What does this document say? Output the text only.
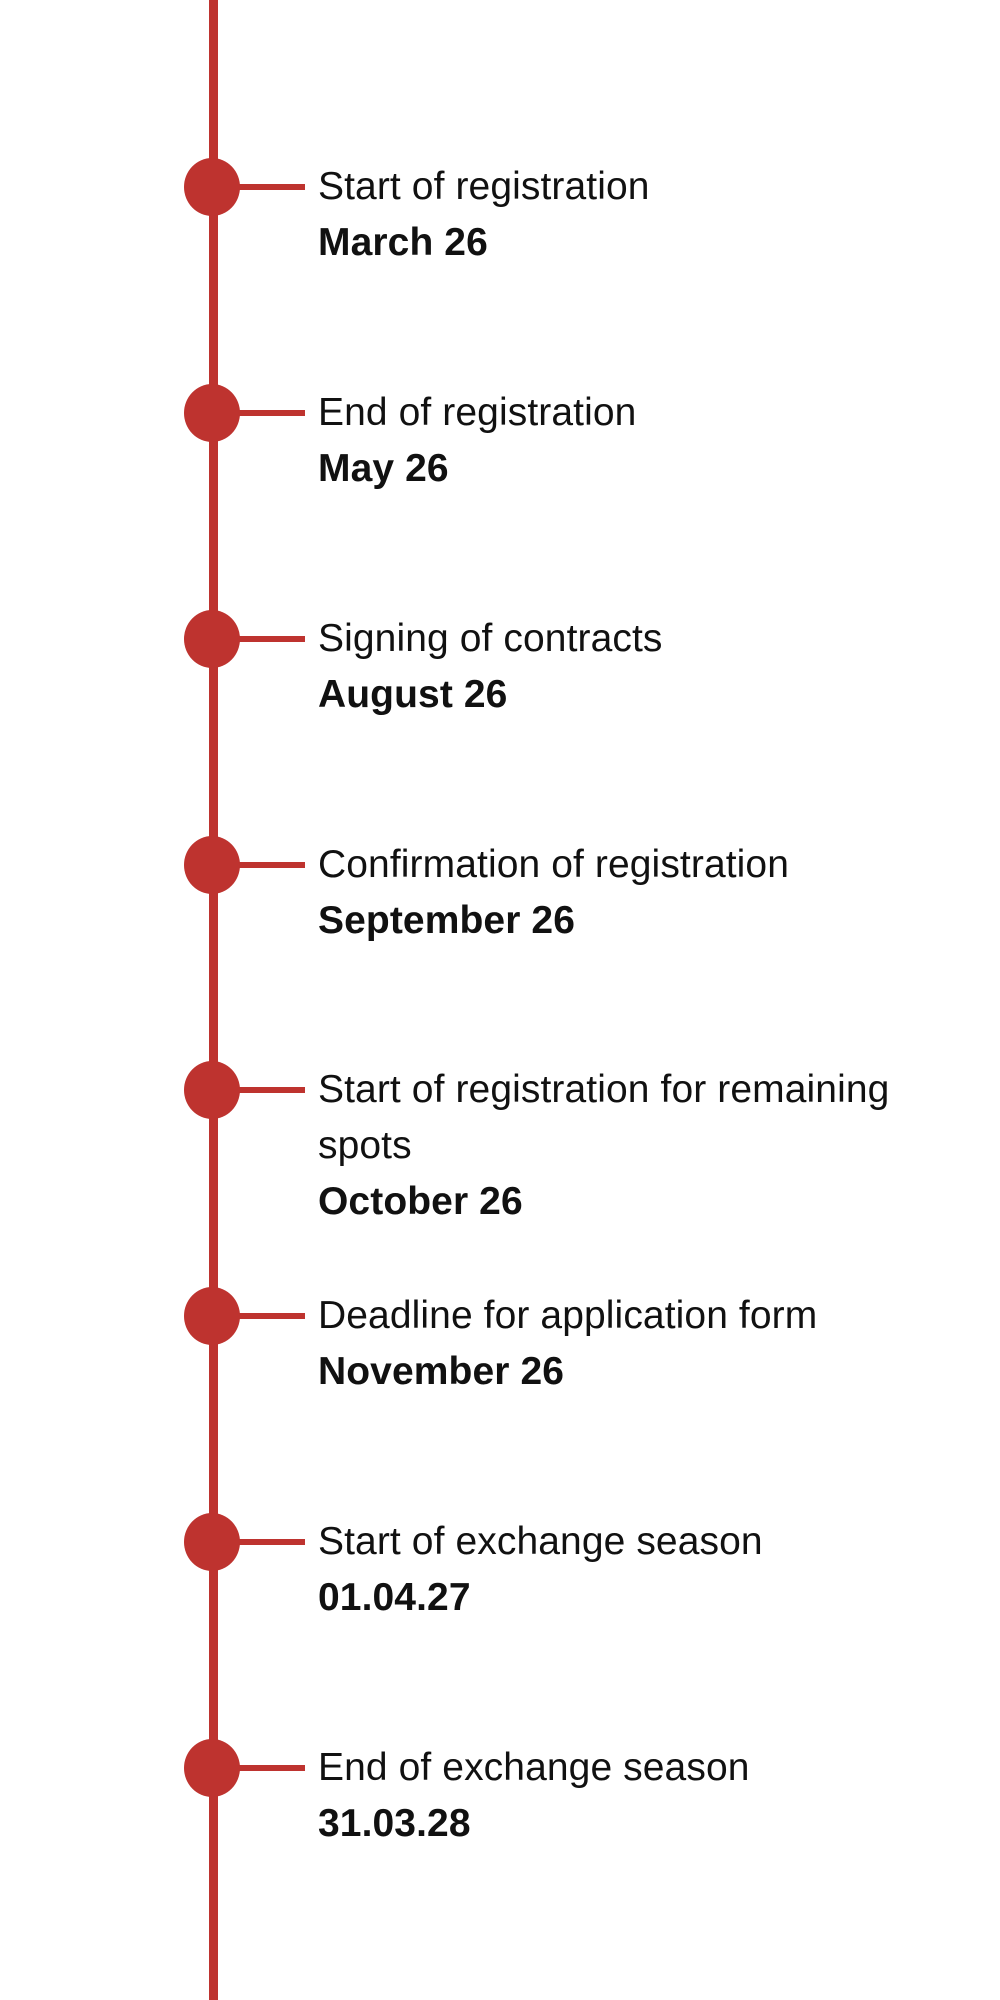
Start of registration
March 26
End of registration
May 26
Signing of contracts
August 26
Confirmation of registration
September 26
Start of registration for remaining spots
October 26
Deadline for application form
November 26
Start of exchange season
01.04.27
End of exchange season
31.03.28
